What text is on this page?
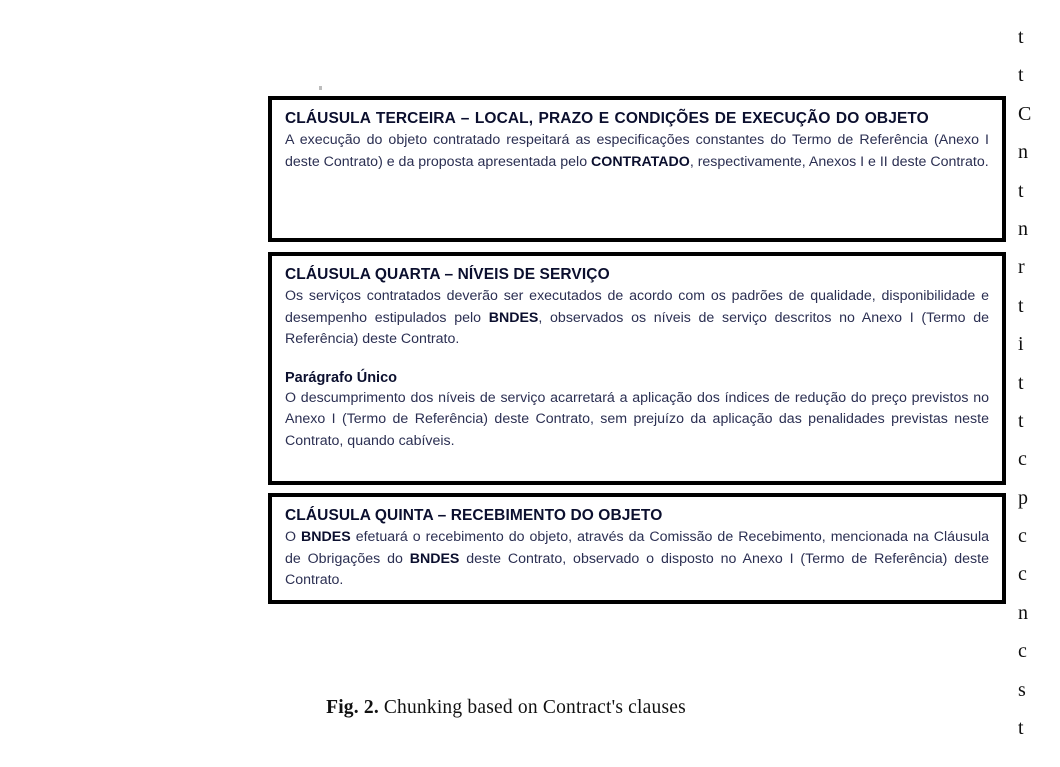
CLÁUSULA TERCEIRA – LOCAL, PRAZO E CONDIÇÕES DE EXECUÇÃO DO OBJETO

A execução do objeto contratado respeitará as especificações constantes do Termo de Referência (Anexo I deste Contrato) e da proposta apresentada pelo CONTRATADO, respectivamente, Anexos I e II deste Contrato.

CLÁUSULA QUARTA – NÍVEIS DE SERVIÇO

Os serviços contratados deverão ser executados de acordo com os padrões de qualidade, disponibilidade e desempenho estipulados pelo BNDES, observados os níveis de serviço descritos no Anexo I (Termo de Referência) deste Contrato.

Parágrafo Único

O descumprimento dos níveis de serviço acarretará a aplicação dos índices de redução do preço previstos no Anexo I (Termo de Referência) deste Contrato, sem prejuízo da aplicação das penalidades previstas neste Contrato, quando cabíveis.

CLÁUSULA QUINTA – RECEBIMENTO DO OBJETO

O BNDES efetuará o recebimento do objeto, através da Comissão de Recebimento, mencionada na Cláusula de Obrigações do BNDES deste Contrato, observado o disposto no Anexo I (Termo de Referência) deste Contrato.

Fig. 2. Chunking based on Contract's clauses
t
t
C
n
t
n
r
t
i
t
t
c
p
c
c
n
c
s
t
